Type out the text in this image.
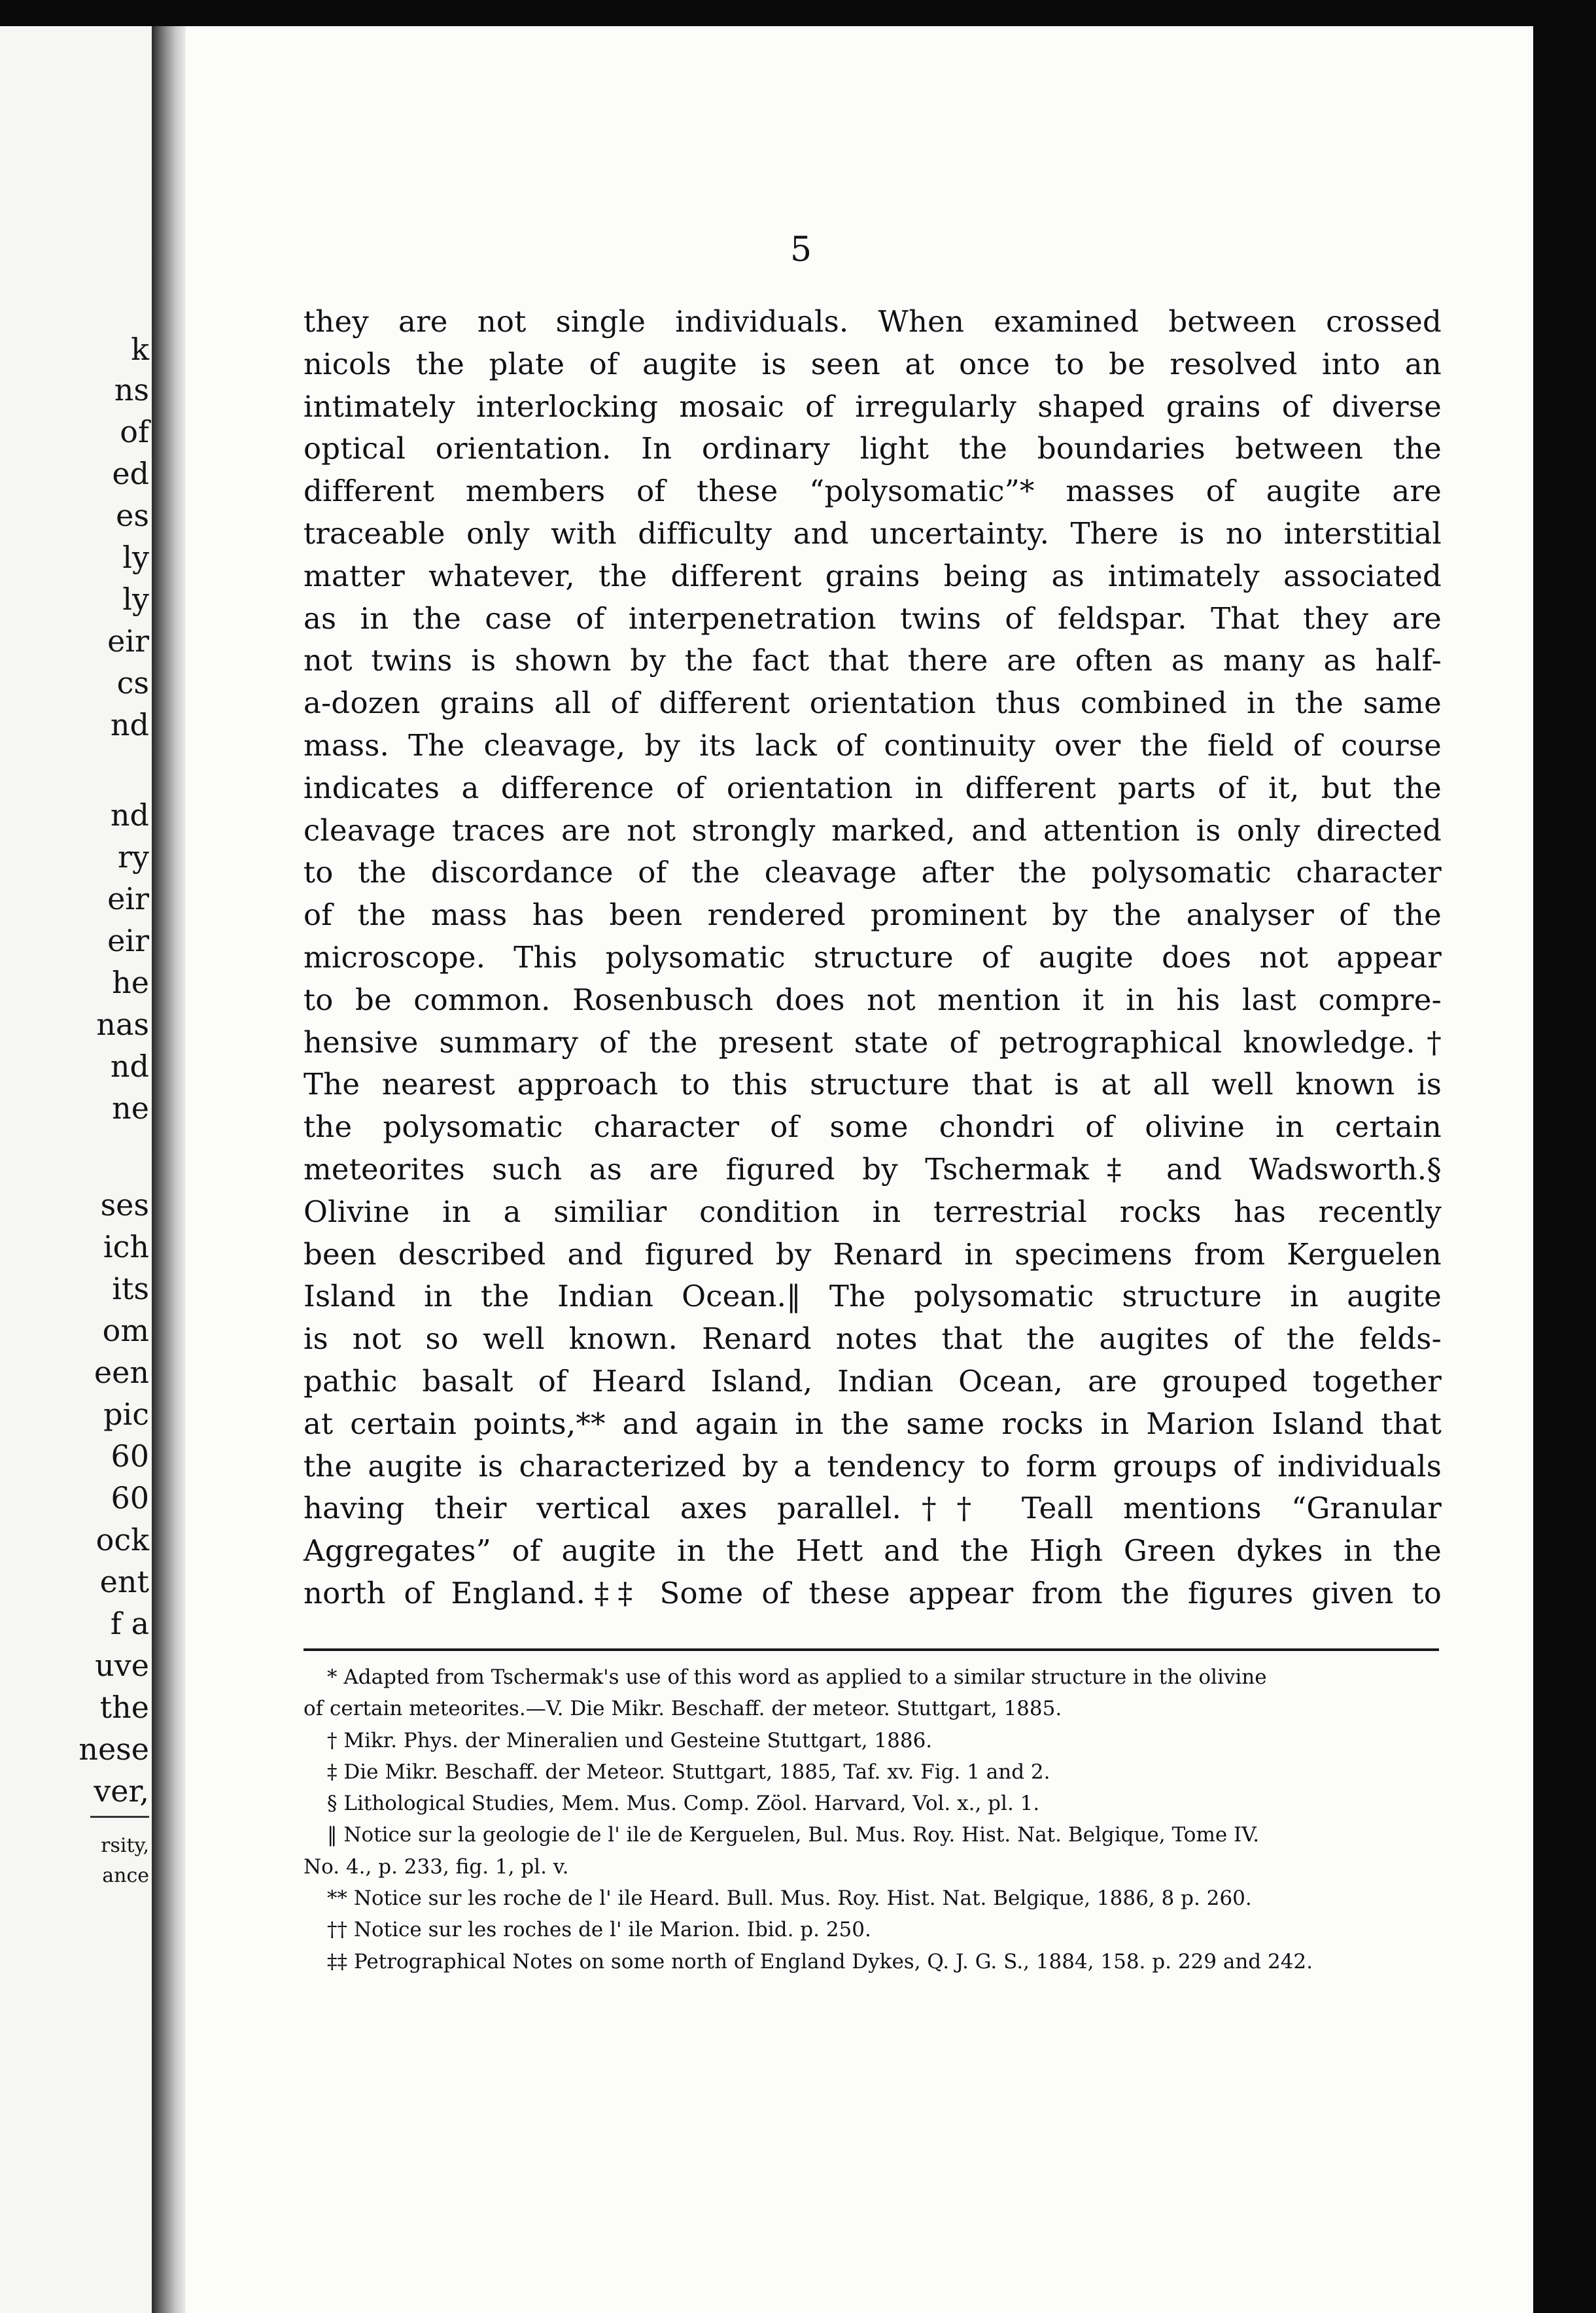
k
ns
of
ed
es
ly
ly
eir
cs
nd
nd
ry
eir
eir
he
nas
nd
ne
ses
ich
its
om
een
pic
60
60
ock
ent
f a
uve
the
nese
ver,
rsity,
ance
5
they are not single individuals. When examined between crossed
nicols the plate of augite is seen at once to be resolved into an
intimately interlocking mosaic of irregularly shaped grains of diverse
optical orientation. In ordinary light the boundaries between the
different members of these “polysomatic”* masses of augite are
traceable only with difficulty and uncertainty. There is no interstitial
matter whatever, the different grains being as intimately associated
as in the case of interpenetration twins of feldspar. That they are
not twins is shown by the fact that there are often as many as half-
a-dozen grains all of different orientation thus combined in the same
mass. The cleavage, by its lack of continuity over the field of course
indicates a difference of orientation in different parts of it, but the
cleavage traces are not strongly marked, and attention is only directed
to the discordance of the cleavage after the polysomatic character
of the mass has been rendered prominent by the analyser of the
microscope. This polysomatic structure of augite does not appear
to be common. Rosenbusch does not mention it in his last compre-
hensive summary of the present state of petrographical knowledge.†
The nearest approach to this structure that is at all well known is
the polysomatic character of some chondri of olivine in certain
meteorites such as are figured by Tschermak‡ and Wadsworth.§
Olivine in a similiar condition in terrestrial rocks has recently
been described and figured by Renard in specimens from Kerguelen
Island in the Indian Ocean.‖ The polysomatic structure in augite
is not so well known. Renard notes that the augites of the felds-
pathic basalt of Heard Island, Indian Ocean, are grouped together
at certain points,** and again in the same rocks in Marion Island that
the augite is characterized by a tendency to form groups of individuals
having their vertical axes parallel.†† Teall mentions “Granular
Aggregates” of augite in the Hett and the High Green dykes in the
north of England.‡‡ Some of these appear from the figures given to
* Adapted from Tschermak's use of this word as applied to a similar structure in the olivine
of certain meteorites.—V. Die Mikr. Beschaff. der meteor. Stuttgart, 1885.
† Mikr. Phys. der Mineralien und Gesteine Stuttgart, 1886.
‡ Die Mikr. Beschaff. der Meteor. Stuttgart, 1885, Taf. xv. Fig. 1 and 2.
§ Lithological Studies, Mem. Mus. Comp. Zöol. Harvard, Vol. x., pl. 1.
‖ Notice sur la geologie de l' ile de Kerguelen, Bul. Mus. Roy. Hist. Nat. Belgique, Tome IV.
No. 4., p. 233, fig. 1, pl. v.
** Notice sur les roche de l' ile Heard. Bull. Mus. Roy. Hist. Nat. Belgique, 1886, 8 p. 260.
†† Notice sur les roches de l' ile Marion. Ibid. p. 250.
‡‡ Petrographical Notes on some north of England Dykes, Q. J. G. S., 1884, 158. p. 229 and 242.
